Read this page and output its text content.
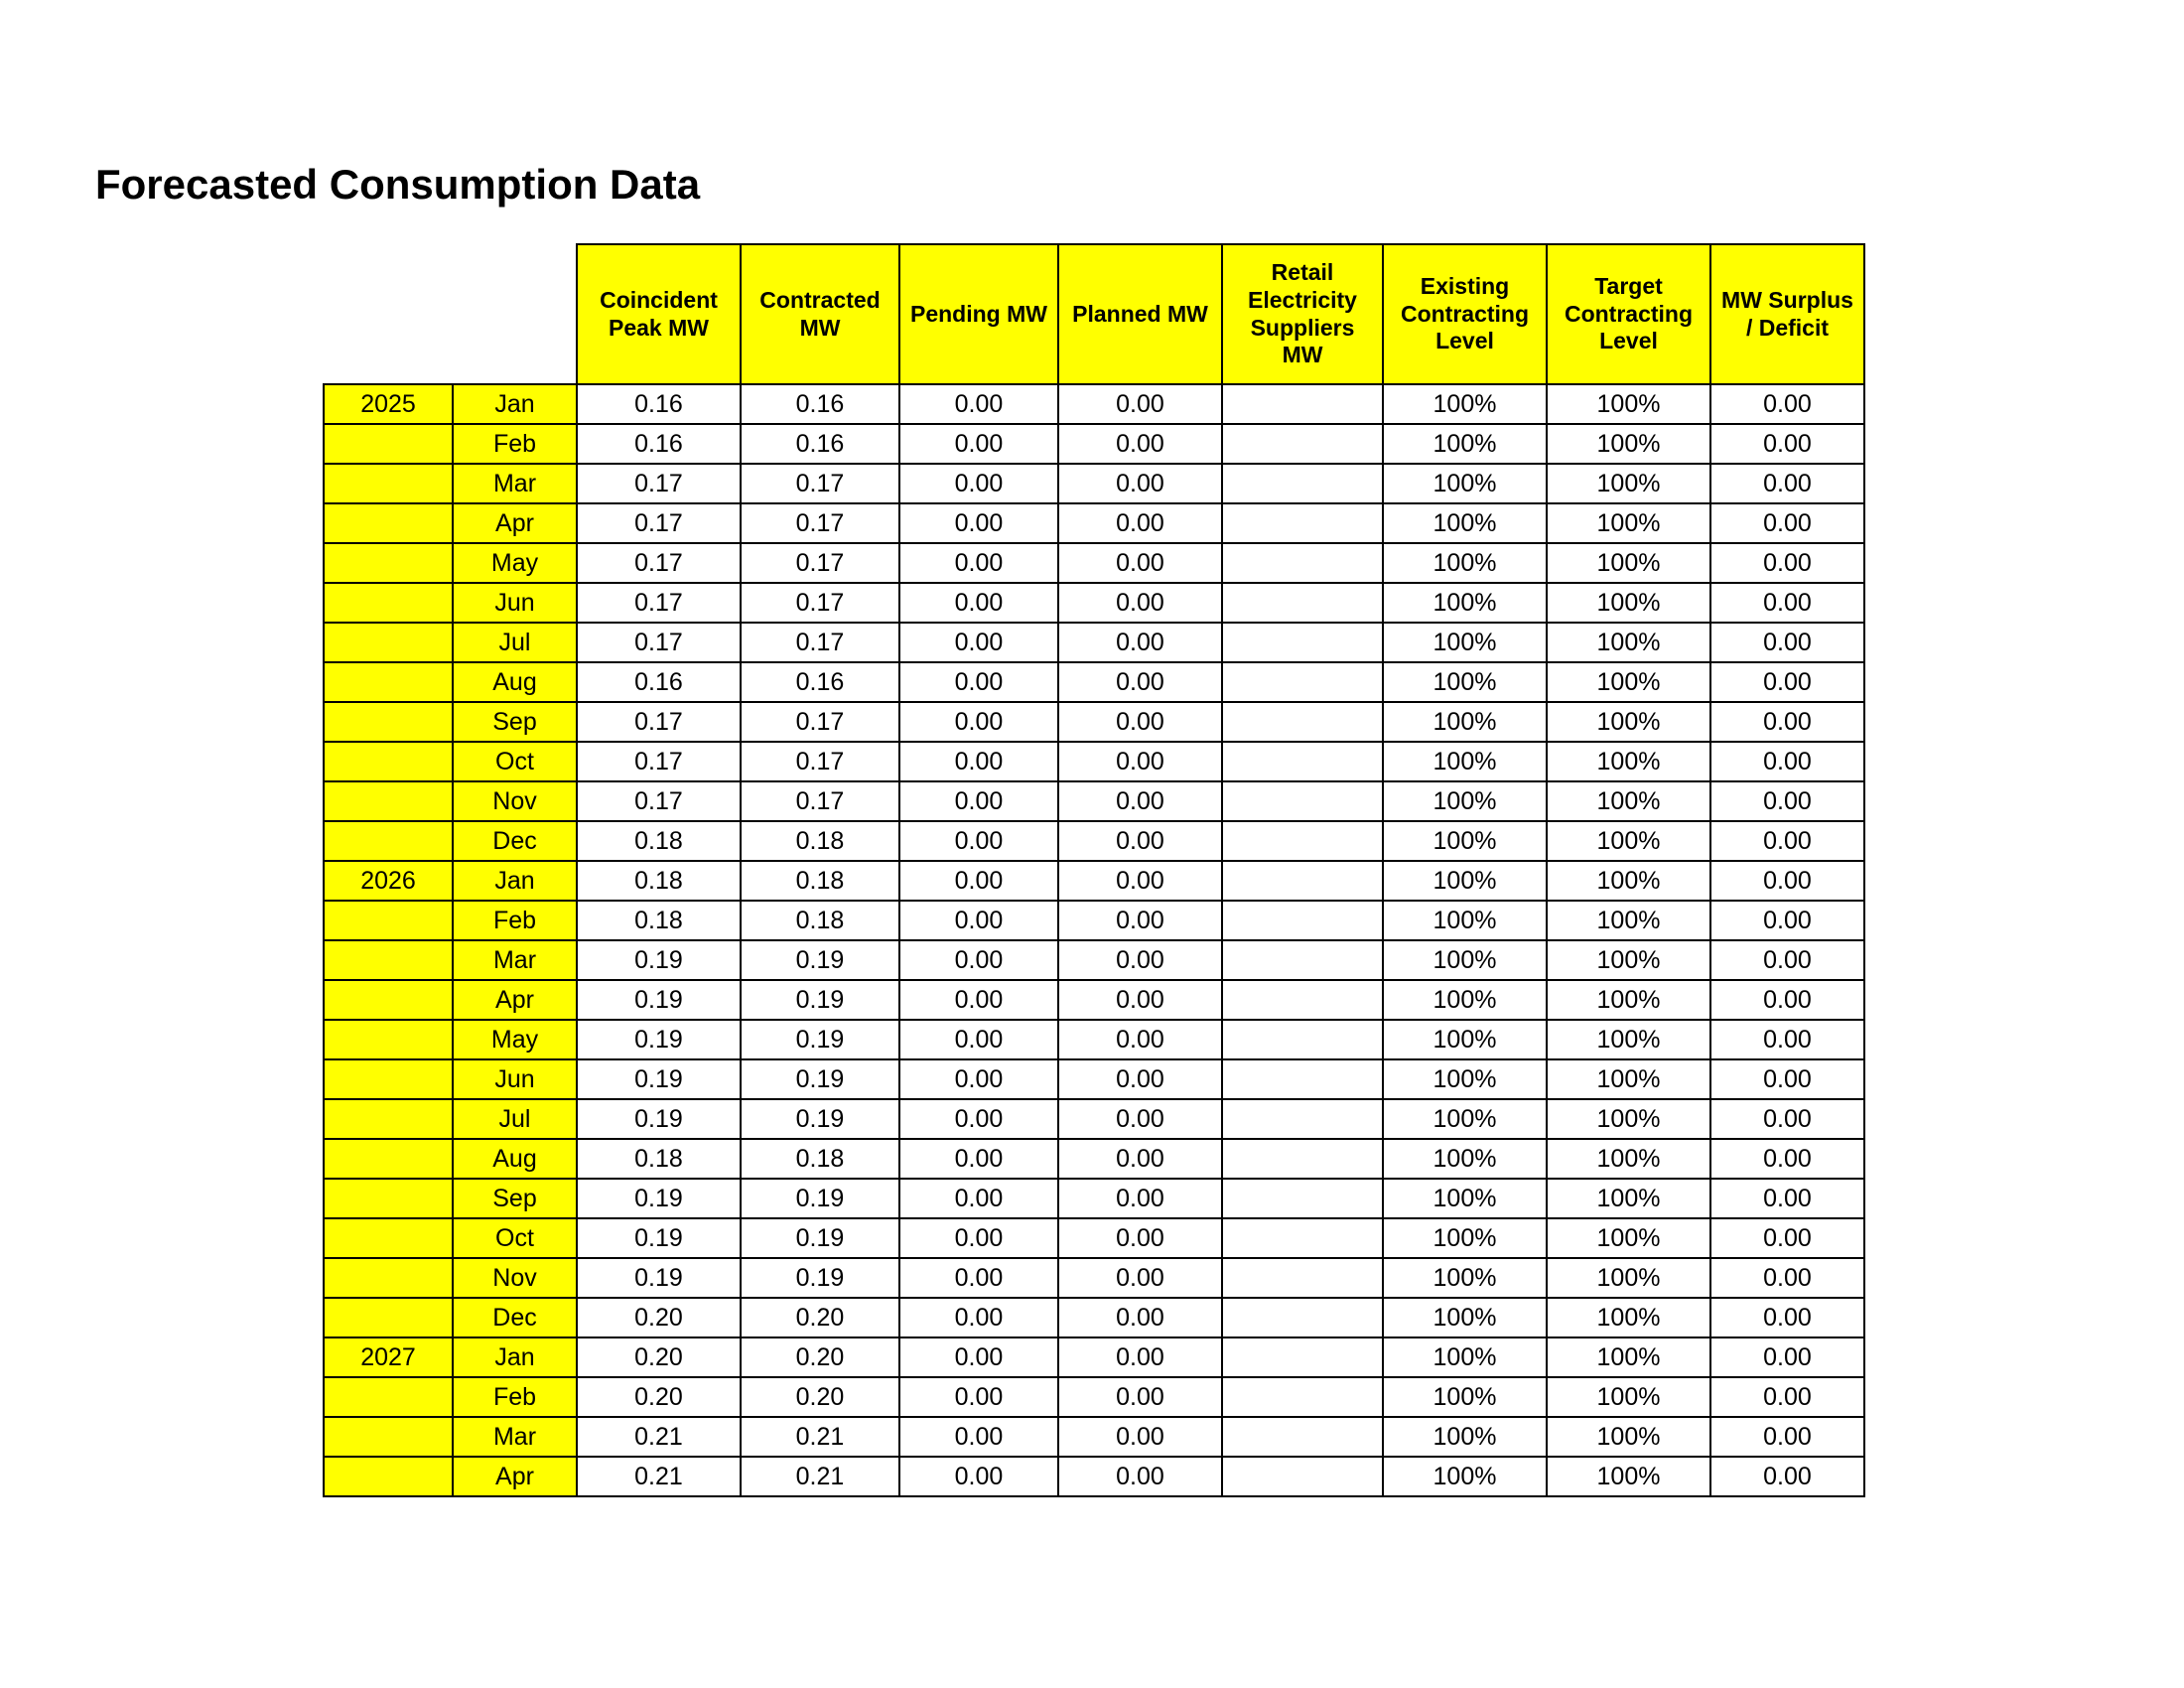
Forecasted Consumption Data
		Coincident Peak MW	Contracted MW	Pending MW	Planned MW	Retail Electricity Suppliers MW	Existing Contracting Level	Target Contracting Level	MW Surplus / Deficit
2025	Jan	0.16	0.16	0.00	0.00		100%	100%	0.00
	Feb	0.16	0.16	0.00	0.00		100%	100%	0.00
	Mar	0.17	0.17	0.00	0.00		100%	100%	0.00
	Apr	0.17	0.17	0.00	0.00		100%	100%	0.00
	May	0.17	0.17	0.00	0.00		100%	100%	0.00
	Jun	0.17	0.17	0.00	0.00		100%	100%	0.00
	Jul	0.17	0.17	0.00	0.00		100%	100%	0.00
	Aug	0.16	0.16	0.00	0.00		100%	100%	0.00
	Sep	0.17	0.17	0.00	0.00		100%	100%	0.00
	Oct	0.17	0.17	0.00	0.00		100%	100%	0.00
	Nov	0.17	0.17	0.00	0.00		100%	100%	0.00
	Dec	0.18	0.18	0.00	0.00		100%	100%	0.00
2026	Jan	0.18	0.18	0.00	0.00		100%	100%	0.00
	Feb	0.18	0.18	0.00	0.00		100%	100%	0.00
	Mar	0.19	0.19	0.00	0.00		100%	100%	0.00
	Apr	0.19	0.19	0.00	0.00		100%	100%	0.00
	May	0.19	0.19	0.00	0.00		100%	100%	0.00
	Jun	0.19	0.19	0.00	0.00		100%	100%	0.00
	Jul	0.19	0.19	0.00	0.00		100%	100%	0.00
	Aug	0.18	0.18	0.00	0.00		100%	100%	0.00
	Sep	0.19	0.19	0.00	0.00		100%	100%	0.00
	Oct	0.19	0.19	0.00	0.00		100%	100%	0.00
	Nov	0.19	0.19	0.00	0.00		100%	100%	0.00
	Dec	0.20	0.20	0.00	0.00		100%	100%	0.00
2027	Jan	0.20	0.20	0.00	0.00		100%	100%	0.00
	Feb	0.20	0.20	0.00	0.00		100%	100%	0.00
	Mar	0.21	0.21	0.00	0.00		100%	100%	0.00
	Apr	0.21	0.21	0.00	0.00		100%	100%	0.00
